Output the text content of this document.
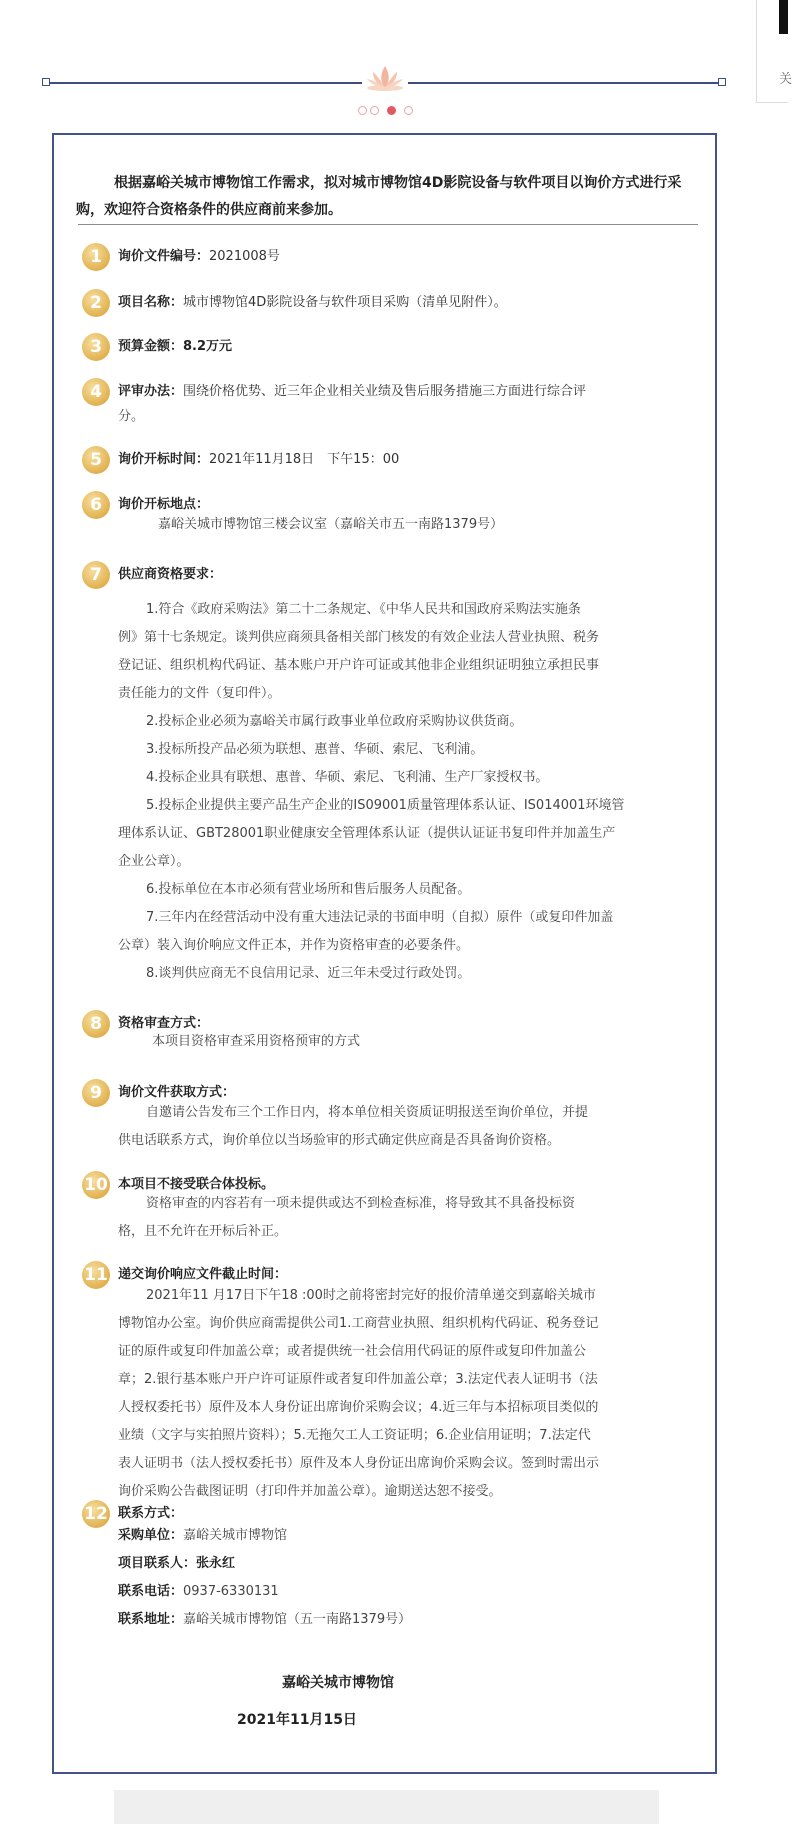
关

根据嘉峪关城市博物馆工作需求，拟对城市博物馆4D影院设备与软件项目以询价方式进行采购，欢迎符合资格条件的供应商前来参加。

1	询价文件编号：2021008号
2	项目名称：城市博物馆4D影院设备与软件项目采购（清单见附件）。
3	预算金额：8.2万元
4	评审办法：围绕价格优势、近三年企业相关业绩及售后服务措施三方面进行综合评
分。
5	询价开标时间：2021年11月18日　下午15：00
6	询价开标地点：

嘉峪关城市博物馆三楼会议室（嘉峪关市五一南路1379号）

7	供应商资格要求：

1.符合《政府采购法》第二十二条规定、《中华人民共和国政府采购法实施条

例》第十七条规定。谈判供应商须具备相关部门核发的有效企业法人营业执照、税务

登记证、组织机构代码证、基本账户开户许可证或其他非企业组织证明独立承担民事

责任能力的文件（复印件）。

2.投标企业必须为嘉峪关市属行政事业单位政府采购协议供货商。

3.投标所投产品必须为联想、惠普、华硕、索尼、飞利浦。

4.投标企业具有联想、惠普、华硕、索尼、飞利浦、生产厂家授权书。

5.投标企业提供主要产品生产企业的IS09001质量管理体系认证、IS014001环境管

理体系认证、GBT28001职业健康安全管理体系认证（提供认证证书复印件并加盖生产

企业公章）。

6.投标单位在本市必须有营业场所和售后服务人员配备。

7.三年内在经营活动中没有重大违法记录的书面申明（自拟）原件（或复印件加盖

公章）装入询价响应文件正本，并作为资格审查的必要条件。

8.谈判供应商无不良信用记录、近三年未受过行政处罚。

8	资格审查方式：

本项目资格审查采用资格预审的方式

9	询价文件获取方式：

自邀请公告发布三个工作日内，将本单位相关资质证明报送至询价单位，并提

供电话联系方式，询价单位以当场验审的形式确定供应商是否具备询价资格。

10 本项目不接受联合体投标。

资格审查的内容若有一项未提供或达不到检查标准，将导致其不具备投标资

格，且不允许在开标后补正。

11 递交询价响应文件截止时间：

2021年11 月17日下午18 :00时之前将密封完好的报价清单递交到嘉峪关城市

博物馆办公室。询价供应商需提供公司1.工商营业执照、组织机构代码证、税务登记

证的原件或复印件加盖公章；或者提供统一社会信用代码证的原件或复印件加盖公

章；2.银行基本账户开户许可证原件或者复印件加盖公章；3.法定代表人证明书（法

人授权委托书）原件及本人身份证出席询价采购会议；4.近三年与本招标项目类似的

业绩（文字与实拍照片资料）；5.无拖欠工人工资证明；6.企业信用证明；7.法定代

表人证明书（法人授权委托书）原件及本人身份证出席询价采购会议。签到时需出示

询价采购公告截图证明（打印件并加盖公章）。逾期送达恕不接受。

12 联系方式：

采购单位：嘉峪关城市博物馆

项目联系人：张永红

联系电话：0937-6330131

联系地址：嘉峪关城市博物馆（五一南路1379号）

嘉峪关城市博物馆
2021年11月15日
